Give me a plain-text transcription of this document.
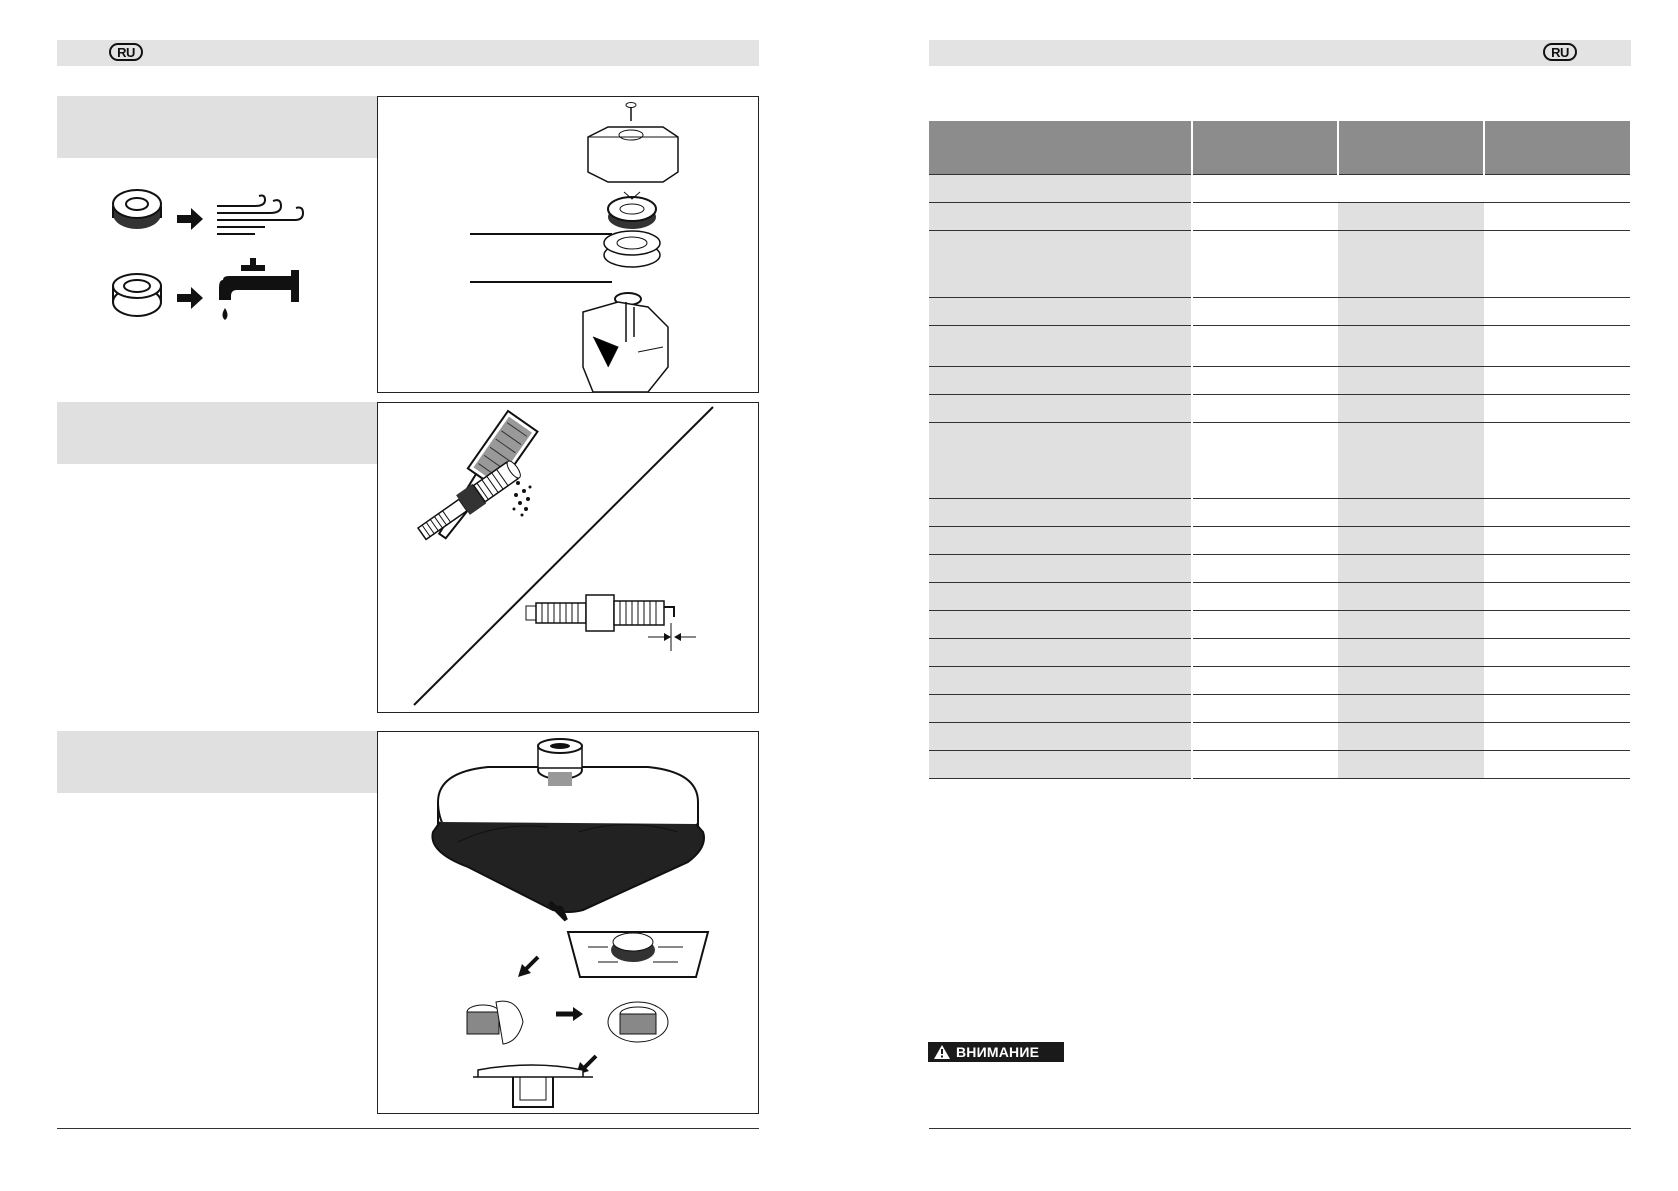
RU	RU

ВНИМАНИЕ
